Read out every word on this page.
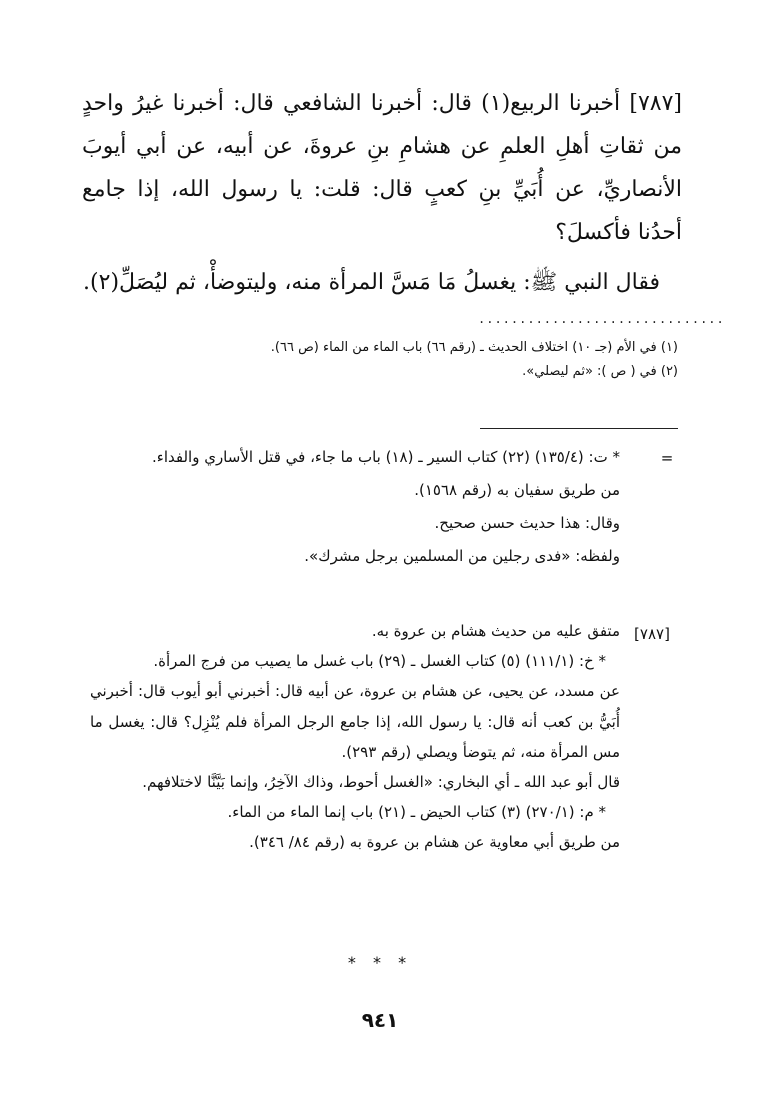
[٧٨٧] أخبرنا الربيع(١) قال: أخبرنا الشافعي قال: أخبرنا غيرُ واحدٍ من ثقاتِ أهلِ العلمِ عن هشامِ بنِ عروةَ، عن أبيه، عن أبي أيوبَ الأنصاريِّ، عن أُبَيِّ بنِ كعبٍ قال: قلت: يا رسول الله، إذا جامع أحدُنا فأكسلَ؟

فقال النبي ﷺ: يغسلُ مَا مَسَّ المرأة منه، وليتوضأْ، ثم ليُصَلِّ(٢).

..............................
(١) في الأم (جـ ١٠) اختلاف الحديث ـ (رقم ٦٦) باب الماء من الماء (ص ٦٦).
(٢) في ( ص ): «ثم ليصلي».
=
* ت: (١٣٥/٤) (٢٢) كتاب السير ـ (١٨) باب ما جاء، في قتل الأساري والفداء.
من طريق سفيان به (رقم ١٥٦٨).
وقال: هذا حديث حسن صحيح.
ولفظه: «فدى رجلين من المسلمين برجل مشرك».
[٧٨٧]
متفق عليه من حديث هشام بن عروة به.
* خ: (١١١/١) (٥) كتاب الغسل ـ (٢٩) باب غسل ما يصيب من فرج المرأة.
عن مسدد، عن يحيى، عن هشام بن عروة، عن أبيه قال: أخبرني أبو أيوب قال: أخبرني أُبَيُّ بن كعب أنه قال: يا رسول الله، إذا جامع الرجل المرأة فلم يُنْزِل؟ قال: يغسل ما مس المرأة منه، ثم يتوضأ ويصلي (رقم ٢٩٣).
قال أبو عبد الله ـ أي البخاري: «الغسل أحوط، وذاك الآخِرُ، وإنما بَيَّنَّا لاختلافهم.
* م: (٢٧٠/١) (٣) كتاب الحيض ـ (٢١) باب إنما الماء من الماء.
من طريق أبي معاوية عن هشام بن عروة به (رقم ٨٤/ ٣٤٦).
* * *
٩٤١
